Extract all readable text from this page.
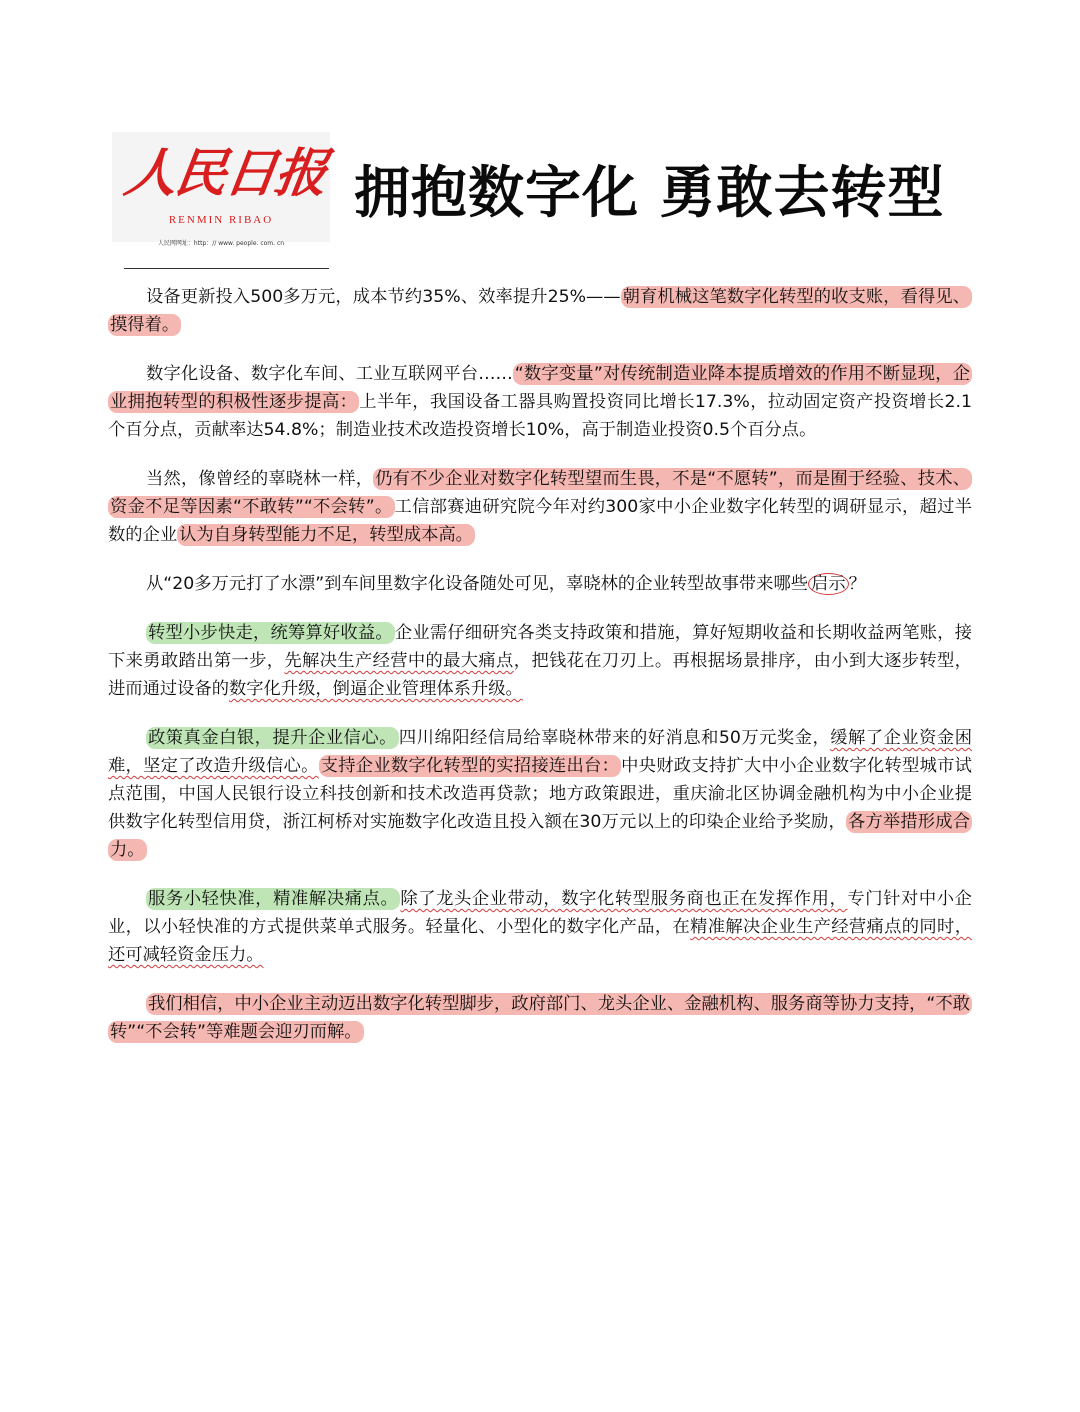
人民日报
RENMIN RIBAO
人民网网址：http：// www. people. com. cn
拥抱数字化 勇敢去转型

设备更新投入500多万元，成本节约35%、效率提升25%—— 朝育机械这笔数字化转型的收支账，看得见、摸得着。

数字化设备、数字化车间、工业互联网平台…… “数字变量”对传统制造业降本提质增效的作用不断显现，企业拥抱转型的积极性逐步提高： 上半年，我国设备工器具购置投资同比增长17.3%，拉动固定资产投资增长2.1个百分点，贡献率达54.8%；制造业技术改造投资增长10%，高于制造业投资0.5个百分点。

当然，像曾经的辜晓林一样， 仍有不少企业对数字化转型望而生畏，不是“不愿转”，而是囿于经验、技术、资金不足等因素“不敢转”“不会转”。 工信部赛迪研究院今年对约300家中小企业数字化转型的调研显示，超过半数的企业 认为自身转型能力不足，转型成本高。

从“20多万元打了水漂”到车间里数字化设备随处可见，辜晓林的企业转型故事带来哪些 启示 ？

转型小步快走，统筹算好收益。 企业需仔细研究各类支持政策和措施，算好短期收益和长期收益两笔账，接下来勇敢踏出第一步，先解决生产经营中的最大痛点，把钱花在刀刃上。再根据场景排序，由小到大逐步转型，进而通过设备的数字化升级，倒逼企业管理体系升级。

政策真金白银，提升企业信心。 四川绵阳经信局给辜晓林带来的好消息和50万元奖金，缓解了企业资金困难，坚定了改造升级信心。 支持企业数字化转型的实招接连出台： 中央财政支持扩大中小企业数字化转型城市试点范围，中国人民银行设立科技创新和技术改造再贷款；地方政策跟进，重庆渝北区协调金融机构为中小企业提供数字化转型信用贷，浙江柯桥对实施数字化改造且投入额在30万元以上的印染企业给予奖励， 各方举措形成合力。

服务小轻快准，精准解决痛点。 除了龙头企业带动，数字化转型服务商也正在发挥作用，专门针对中小企业，以小轻快准的方式提供菜单式服务。轻量化、小型化的数字化产品，在精准解决企业生产经营痛点的同时，还可减轻资金压力。

我们相信，中小企业主动迈出数字化转型脚步，政府部门、龙头企业、金融机构、服务商等协力支持，“不敢转”“不会转”等难题会迎刃而解。
